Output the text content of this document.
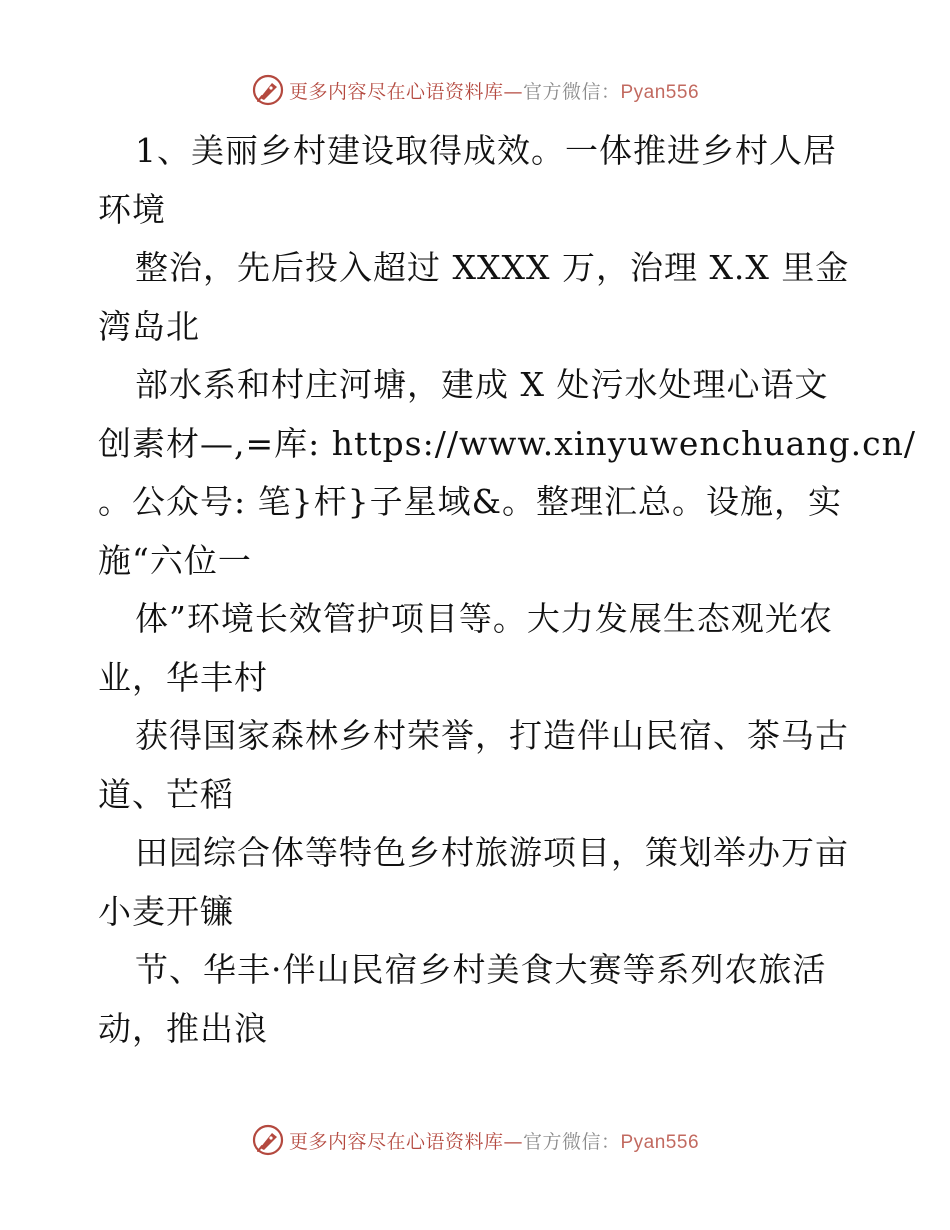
更多内容尽在心语资料库—官方微信：Pyan556
1、美丽乡村建设取得成效。一体推进乡村人居
环境
整治，先后投入超过 XXXX 万，治理 X.X 里金
湾岛北
部水系和村庄河塘，建成 X 处污水处理心语文
创素材—,=库: https://www.xinyuwenchuang.cn/
。公众号: 笔}杆}子星域&。整理汇总。设施，实
施“六位一
体”环境长效管护项目等。大力发展生态观光农
业，华丰村
获得国家森林乡村荣誉，打造伴山民宿、茶马古
道、芒稻
田园综合体等特色乡村旅游项目，策划举办万亩
小麦开镰
节、华丰·伴山民宿乡村美食大赛等系列农旅活
动，推出浪
更多内容尽在心语资料库—官方微信：Pyan556
